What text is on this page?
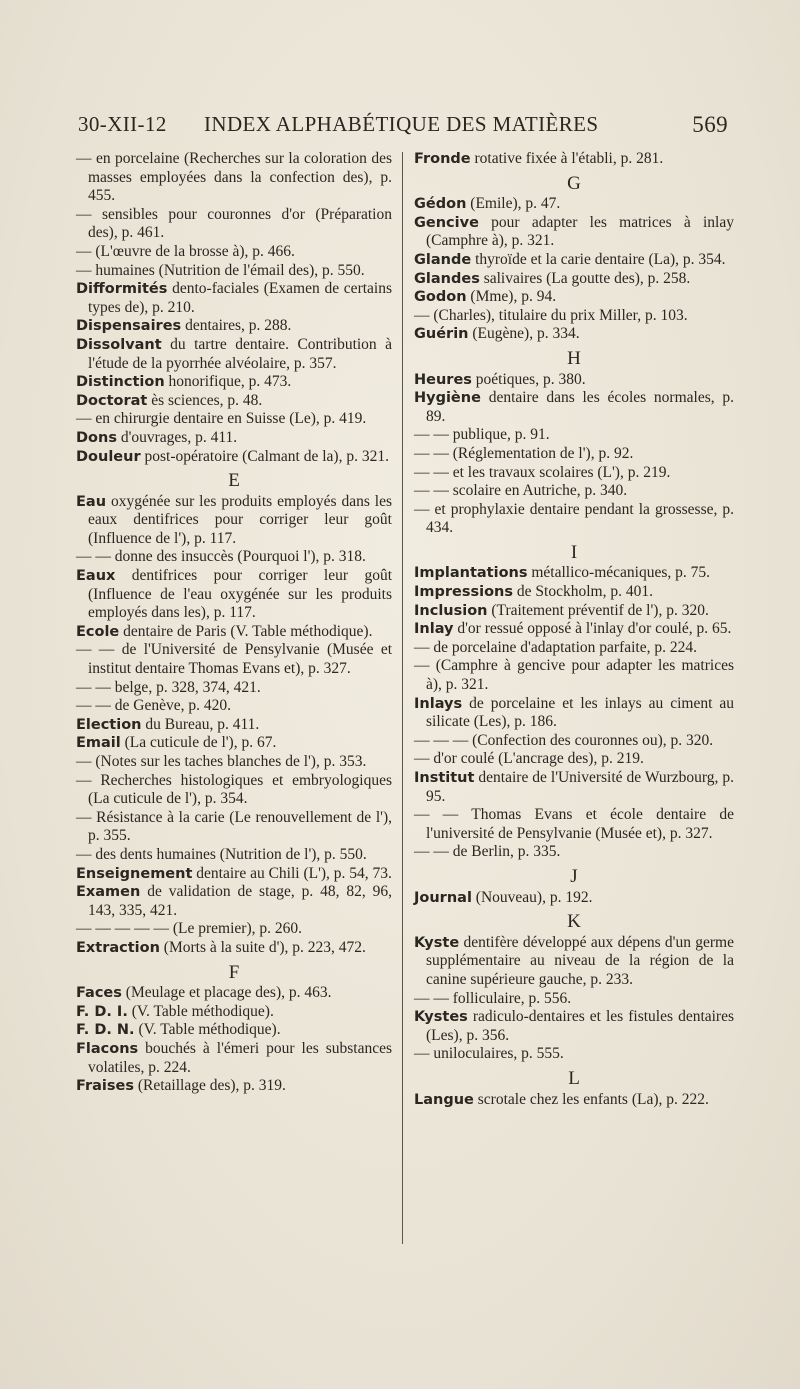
30-XII-12 INDEX ALPHABÉTIQUE DES MATIÈRES	569

— en porcelaine (Recherches sur la coloration des masses employées dans la confection des), p. 455.

— sensibles pour couronnes d'or (Préparation des), p. 461.

— (L'œuvre de la brosse à), p. 466.

— humaines (Nutrition de l'émail des), p. 550.

Difformités dento-faciales (Examen de certains types de), p. 210.

Dispensaires dentaires, p. 288.

Dissolvant du tartre dentaire. Contribution à l'étude de la pyorrhée alvéolaire, p. 357.

Distinction honorifique, p. 473.

Doctorat ès sciences, p. 48.

— en chirurgie dentaire en Suisse (Le), p. 419.

Dons d'ouvrages, p. 411.

Douleur post-opératoire (Calmant de la), p. 321.

E

Eau oxygénée sur les produits employés dans les eaux dentifrices pour corriger leur goût (Influence de l'), p. 117.

— — donne des insuccès (Pourquoi l'), p. 318.

Eaux dentifrices pour corriger leur goût (Influence de l'eau oxygénée sur les produits employés dans les), p. 117.

Ecole dentaire de Paris (V. Table méthodique).

— — de l'Université de Pensylvanie (Musée et institut dentaire Thomas Evans et), p. 327.

— — belge, p. 328, 374, 421.

— — de Genève, p. 420.

Election du Bureau, p. 411.

Email (La cuticule de l'), p. 67.

— (Notes sur les taches blanches de l'), p. 353.

— Recherches histologiques et embryologiques (La cuticule de l'), p. 354.

— Résistance à la carie (Le renouvellement de l'), p. 355.

— des dents humaines (Nutrition de l'), p. 550.

Enseignement dentaire au Chili (L'), p. 54, 73.

Examen de validation de stage, p. 48, 82, 96, 143, 335, 421.

— — — — — (Le premier), p. 260.

Extraction (Morts à la suite d'), p. 223, 472.

F

Faces (Meulage et placage des), p. 463.

F. D. I. (V. Table méthodique).

F. D. N. (V. Table méthodique).

Flacons bouchés à l'émeri pour les substances volatiles, p. 224.

Fraises (Retaillage des), p. 319.

Fronde rotative fixée à l'établi, p. 281.

G

Gédon (Emile), p. 47.

Gencive pour adapter les matrices à inlay (Camphre à), p. 321.

Glande thyroïde et la carie dentaire (La), p. 354.

Glandes salivaires (La goutte des), p. 258.

Godon (Mme), p. 94.

— (Charles), titulaire du prix Miller, p. 103.

Guérin (Eugène), p. 334.

H

Heures poétiques, p. 380.

Hygiène dentaire dans les écoles normales, p. 89.

— — publique, p. 91.

— — (Réglementation de l'), p. 92.

— — et les travaux scolaires (L'), p. 219.

— — scolaire en Autriche, p. 340.

— et prophylaxie dentaire pendant la grossesse, p. 434.

I

Implantations métallico-mécaniques, p. 75.

Impressions de Stockholm, p. 401.

Inclusion (Traitement préventif de l'), p. 320.

Inlay d'or ressué opposé à l'inlay d'or coulé, p. 65.

— de porcelaine d'adaptation parfaite, p. 224.

— (Camphre à gencive pour adapter les matrices à), p. 321.

Inlays de porcelaine et les inlays au ciment au silicate (Les), p. 186.

— — — (Confection des couronnes ou), p. 320.

— d'or coulé (L'ancrage des), p. 219.

Institut dentaire de l'Université de Wurzbourg, p. 95.

— — Thomas Evans et école dentaire de l'université de Pensylvanie (Musée et), p. 327.

— — de Berlin, p. 335.

J

Journal (Nouveau), p. 192.

K

Kyste dentifère développé aux dépens d'un germe supplémentaire au niveau de la région de la canine supérieure gauche, p. 233.

— — folliculaire, p. 556.

Kystes radiculo-dentaires et les fistules dentaires (Les), p. 356.

— uniloculaires, p. 555.

L

Langue scrotale chez les enfants (La), p. 222.
